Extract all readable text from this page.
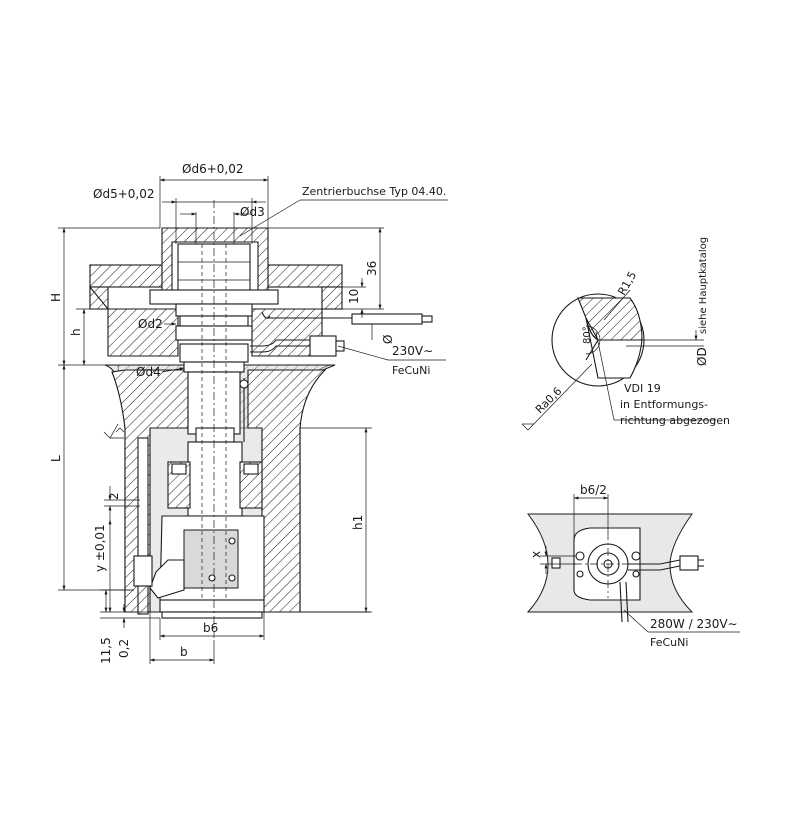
Ød6+0,02
Ød5+0,02
Ød3
Zentrierbuchse Typ 04.40.
36
10
Ød2
Ød4
Ø
230V∼
FeCuNi
H
h
L
h1
2
y ±0,01
11,5 0,2
b6
b
80°
R1,5
ØD
siehe Hauptkatalog
Ra0,6	VDI 19
in Entformungs-
richtung abgezogen
b6/2
x
280W / 230V∼
FeCuNi
